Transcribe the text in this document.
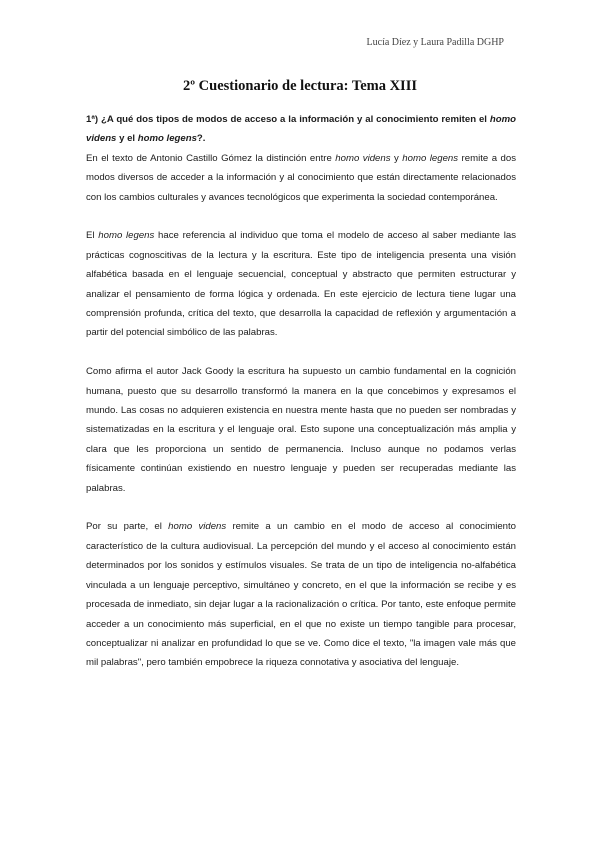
Lucía Díez y Laura Padilla DGHP
2º Cuestionario de lectura: Tema XIII

1ª) ¿A qué dos tipos de modos de acceso a la información y al conocimiento remiten el homo videns y el homo legens?.

En el texto de Antonio Castillo Gómez la distinción entre homo videns y homo legens remite a dos modos diversos de acceder a la información y al conocimiento que están directamente relacionados con los cambios culturales y avances tecnológicos que experimenta la sociedad contemporánea.

El homo legens hace referencia al individuo que toma el modelo de acceso al saber mediante las prácticas cognoscitivas de la lectura y la escritura. Este tipo de inteligencia presenta una visión alfabética basada en el lenguaje secuencial, conceptual y abstracto que permiten estructurar y analizar el pensamiento de forma lógica y ordenada. En este ejercicio de lectura tiene lugar una comprensión profunda, crítica del texto, que desarrolla la capacidad de reflexión y argumentación a partir del potencial simbólico de las palabras.

Como afirma el autor Jack Goody la escritura ha supuesto un cambio fundamental en la cognición humana, puesto que su desarrollo transformó la manera en la que concebimos y expresamos el mundo. Las cosas no adquieren existencia en nuestra mente hasta que no pueden ser nombradas y sistematizadas en la escritura y el lenguaje oral. Esto supone una conceptualización más amplia y clara que les proporciona un sentido de permanencia. Incluso aunque no podamos verlas físicamente continúan existiendo en nuestro lenguaje y pueden ser recuperadas mediante las palabras.

Por su parte, el homo videns remite a un cambio en el modo de acceso al conocimiento característico de la cultura audiovisual. La percepción del mundo y el acceso al conocimiento están determinados por los sonidos y estímulos visuales. Se trata de un tipo de inteligencia no-alfabética vinculada a un lenguaje perceptivo, simultáneo y concreto, en el que la información se recibe y es procesada de inmediato, sin dejar lugar a la racionalización o crítica. Por tanto, este enfoque permite acceder a un conocimiento más superficial, en el que no existe un tiempo tangible para procesar, conceptualizar ni analizar en profundidad lo que se ve. Como dice el texto, "la imagen vale más que mil palabras", pero también empobrece la riqueza connotativa y asociativa del lenguaje.
